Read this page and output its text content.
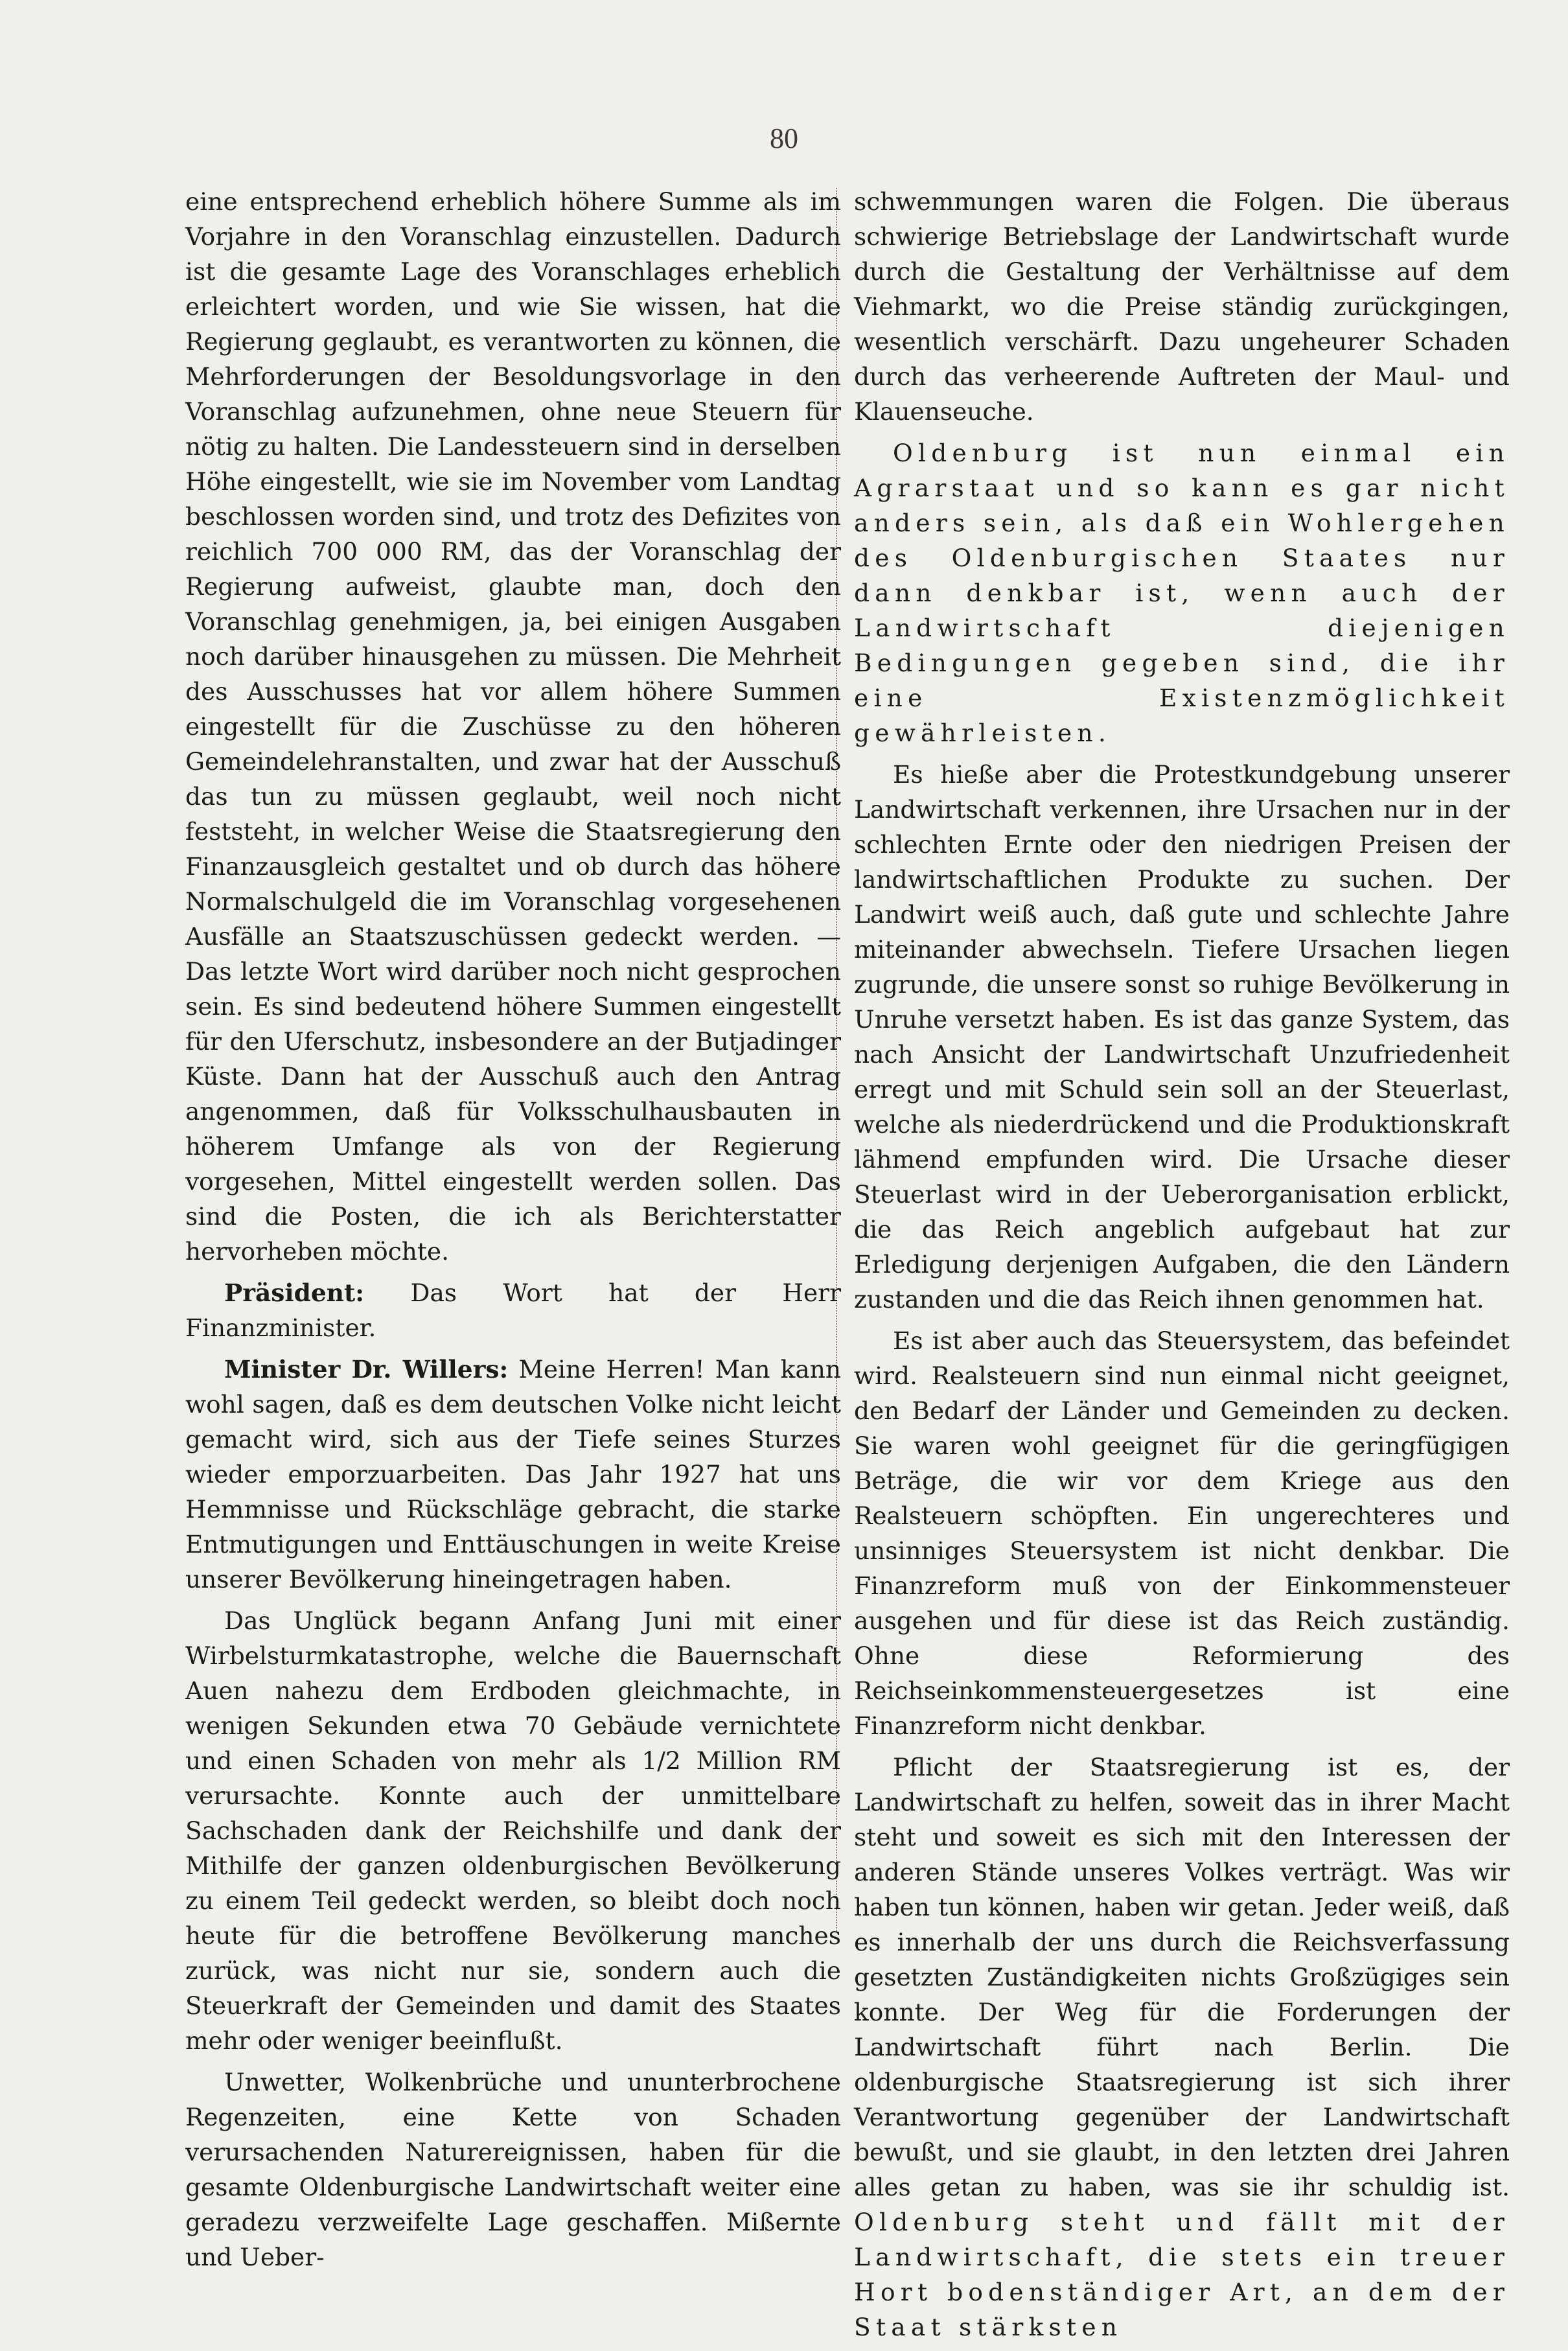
80

eine entsprechend erheblich höhere Summe als im Vorjahre in den Voranschlag einzustellen. Dadurch ist die gesamte Lage des Voranschlages erheblich erleichtert worden, und wie Sie wissen, hat die Regierung geglaubt, es verantworten zu können, die Mehrforderungen der Besoldungsvorlage in den Voranschlag aufzunehmen, ohne neue Steuern für nötig zu halten. Die Landessteuern sind in derselben Höhe eingestellt, wie sie im November vom Landtag beschlossen worden sind, und trotz des Defizites von reichlich 700 000 RM, das der Voranschlag der Regierung aufweist, glaubte man, doch den Voranschlag genehmigen, ja, bei einigen Ausgaben noch darüber hinausgehen zu müssen. Die Mehrheit des Ausschusses hat vor allem höhere Summen eingestellt für die Zuschüsse zu den höheren Gemeindelehranstalten, und zwar hat der Ausschuß das tun zu müssen geglaubt, weil noch nicht feststeht, in welcher Weise die Staatsregierung den Finanzausgleich gestaltet und ob durch das höhere Normalschulgeld die im Voranschlag vorgesehenen Ausfälle an Staatszuschüssen gedeckt werden. — Das letzte Wort wird darüber noch nicht gesprochen sein. Es sind bedeutend höhere Summen eingestellt für den Uferschutz, insbesondere an der Butjadinger Küste. Dann hat der Ausschuß auch den Antrag angenommen, daß für Volksschulhausbauten in höherem Umfange als von der Regierung vorgesehen, Mittel eingestellt werden sollen. Das sind die Posten, die ich als Berichterstatter hervorheben möchte.

Präsident: Das Wort hat der Herr Finanzminister.

Minister Dr. Willers: Meine Herren! Man kann wohl sagen, daß es dem deutschen Volke nicht leicht gemacht wird, sich aus der Tiefe seines Sturzes wieder emporzuarbeiten. Das Jahr 1927 hat uns Hemmnisse und Rückschläge gebracht, die starke Entmutigungen und Enttäuschungen in weite Kreise unserer Bevölkerung hineingetragen haben.

Das Unglück begann Anfang Juni mit einer Wirbelsturmkatastrophe, welche die Bauernschaft Auen nahezu dem Erdboden gleichmachte, in wenigen Sekunden etwa 70 Gebäude vernichtete und einen Schaden von mehr als 1/2 Million RM verursachte. Konnte auch der unmittelbare Sachschaden dank der Reichshilfe und dank der Mithilfe der ganzen oldenburgischen Bevölkerung zu einem Teil gedeckt werden, so bleibt doch noch heute für die betroffene Bevölkerung manches zurück, was nicht nur sie, sondern auch die Steuerkraft der Gemeinden und damit des Staates mehr oder weniger beeinflußt.

Unwetter, Wolkenbrüche und ununterbrochene Regenzeiten, eine Kette von Schaden verursachenden Naturereignissen, haben für die gesamte Oldenburgische Landwirtschaft weiter eine geradezu verzweifelte Lage geschaffen. Mißernte und Ueber-

schwemmungen waren die Folgen. Die überaus schwierige Betriebslage der Landwirtschaft wurde durch die Gestaltung der Verhältnisse auf dem Viehmarkt, wo die Preise ständig zurückgingen, wesentlich verschärft. Dazu ungeheurer Schaden durch das verheerende Auftreten der Maul- und Klauenseuche.

Oldenburg ist nun einmal ein Agrarstaat und so kann es gar nicht anders sein, als daß ein Wohlergehen des Oldenburgischen Staates nur dann denkbar ist, wenn auch der Landwirtschaft diejenigen Bedingungen gegeben sind, die ihr eine Existenzmöglichkeit gewährleisten.

Es hieße aber die Protestkundgebung unserer Landwirtschaft verkennen, ihre Ursachen nur in der schlechten Ernte oder den niedrigen Preisen der landwirtschaftlichen Produkte zu suchen. Der Landwirt weiß auch, daß gute und schlechte Jahre miteinander abwechseln. Tiefere Ursachen liegen zugrunde, die unsere sonst so ruhige Bevölkerung in Unruhe versetzt haben. Es ist das ganze System, das nach Ansicht der Landwirtschaft Unzufriedenheit erregt und mit Schuld sein soll an der Steuerlast, welche als niederdrückend und die Produktionskraft lähmend empfunden wird. Die Ursache dieser Steuerlast wird in der Ueberorganisation erblickt, die das Reich angeblich aufgebaut hat zur Erledigung derjenigen Aufgaben, die den Ländern zustanden und die das Reich ihnen genommen hat.

Es ist aber auch das Steuersystem, das befeindet wird. Realsteuern sind nun einmal nicht geeignet, den Bedarf der Länder und Gemeinden zu decken. Sie waren wohl geeignet für die geringfügigen Beträge, die wir vor dem Kriege aus den Realsteuern schöpften. Ein ungerechteres und unsinniges Steuersystem ist nicht denkbar. Die Finanzreform muß von der Einkommensteuer ausgehen und für diese ist das Reich zuständig. Ohne diese Reformierung des Reichseinkommensteuergesetzes ist eine Finanzreform nicht denkbar.

Pflicht der Staatsregierung ist es, der Landwirtschaft zu helfen, soweit das in ihrer Macht steht und soweit es sich mit den Interessen der anderen Stände unseres Volkes verträgt. Was wir haben tun können, haben wir getan. Jeder weiß, daß es innerhalb der uns durch die Reichsverfassung gesetzten Zuständigkeiten nichts Großzügiges sein konnte. Der Weg für die Forderungen der Landwirtschaft führt nach Berlin. Die oldenburgische Staatsregierung ist sich ihrer Verantwortung gegenüber der Landwirtschaft bewußt, und sie glaubt, in den letzten drei Jahren alles getan zu haben, was sie ihr schuldig ist. Oldenburg steht und fällt mit der Landwirtschaft, die stets ein treuer Hort bodenständiger Art, an dem der Staat stärksten
